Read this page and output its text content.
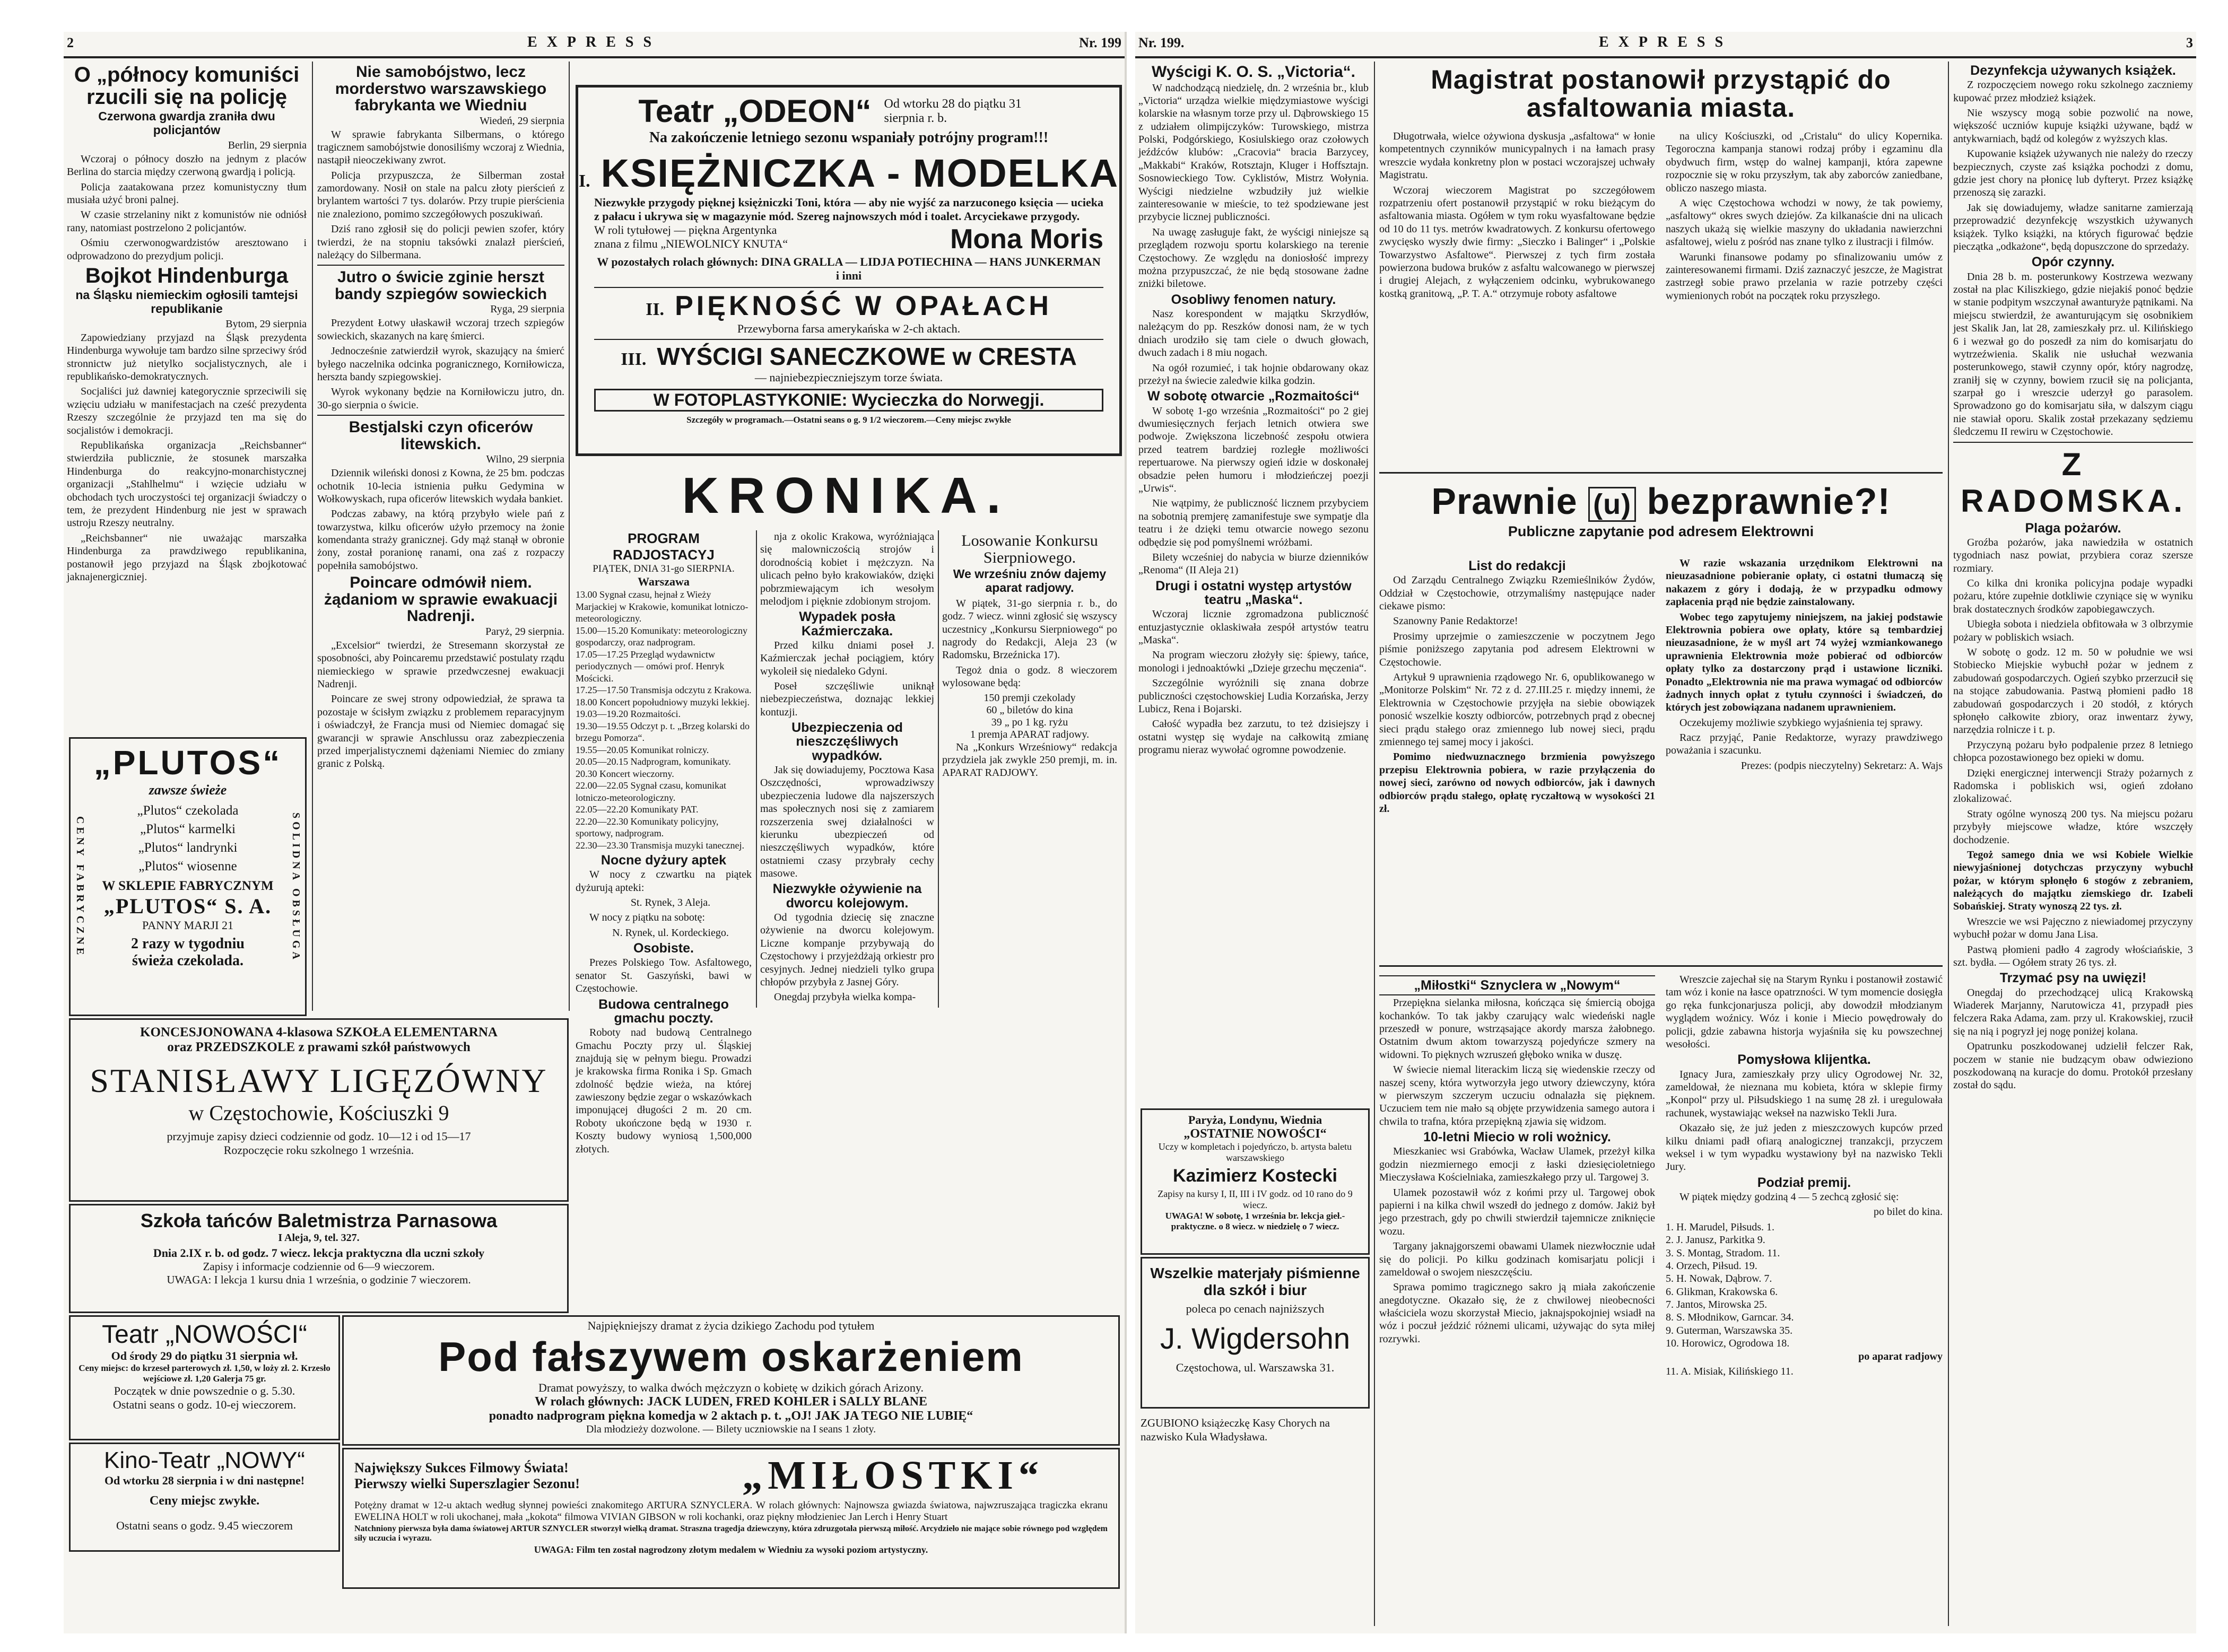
2	EXPRESS	Nr. 199
O „północy komuniści rzucili się na policję
Czerwona gwardja zraniła dwu policjantów
Berlin, 29 sierpnia

Wczoraj o północy doszło na jednym z placów Berlina do starcia między czerwoną gwardją i policją.

Policja zaatakowana przez komunistyczny tłum musiała użyć broni palnej.

W czasie strzelaniny nikt z komunistów nie odniósł rany, natomiast postrzelono 2 policjantów.

Ośmiu czerwonogwardzistów aresztowano i odprowadzono do prezydjum policji.

Bojkot Hindenburga
na Śląsku niemieckim ogłosili tamtejsi republikanie
Bytom, 29 sierpnia

Zapowiedziany przyjazd na Śląsk prezydenta Hindenburga wywołuje tam bardzo silne sprzeciwy śród stronnictw już nietylko socjalistycznych, ale i republikańsko-demokratycznych.

Socjaliści już dawniej kategorycznie sprzeciwili się wzięciu udziału w manifestacjach na cześć prezydenta Rzeszy szczególnie że przyjazd ten ma się do socjalistów i demokracji.

Republikańska organizacja „Reichsbanner“ stwierdziła publicznie, że stosunek marszałka Hindenburga do reakcyjno-monarchistycznej organizacji „Stahlhelmu“ i wzięcie udziału w obchodach tych uroczystości tej organizacji świadczy o tem, że prezydent Hindenburg nie jest w sprawach ustroju Rzeszy neutralny.

„Reichsbanner“ nie uważając marszałka Hindenburga za prawdziwego republikanina, postanowił jego przyjazd na Śląsk zbojkotować jaknajenergiczniej.

CENY FABRYCZNE	SOLIDNA OBSŁUGA
„PLUTOS“
zawsze świeże
„Plutos“ czekolada
„Plutos“ karmelki
„Plutos“ landrynki
„Plutos“ wiosenne
W SKLEPIE FABRYCZNYM
„PLUTOS“ S. A.
PANNY MARJI 21
2 razy w tygodniu
świeża czekolada.
Nie samobójstwo, lecz morderstwo warszawskiego fabrykanta we Wiedniu
Wiedeń, 29 sierpnia

W sprawie fabrykanta Silbermans, o którego tragicznem samobójstwie donosiliśmy wczoraj z Wiednia, nastąpił nieoczekiwany zwrot.

Policja przypuszcza, że Silberman został zamordowany. Nosił on stale na palcu złoty pierścień z brylantem wartości 7 tys. dolarów. Przy trupie pierścienia nie znaleziono, pomimo szczegółowych poszukiwań.

Dziś rano zgłosił się do policji pewien szofer, który twierdzi, że na stopniu taksówki znalazł pierścień, należący do Silbermana.

Jutro o świcie zginie herszt bandy szpiegów sowieckich
Ryga, 29 sierpnia

Prezydent Łotwy ułaskawił wczoraj trzech szpiegów sowieckich, skazanych na karę śmierci.

Jednocześnie zatwierdził wyrok, skazujący na śmierć byłego naczelnika odcinka pogranicznego, Korniłowicza, herszta bandy szpiegowskiej.

Wyrok wykonany będzie na Korniłowiczu jutro, dn. 30-go sierpnia o świcie.

Bestjalski czyn oficerów litewskich.
Wilno, 29 sierpnia

Dziennik wileński donosi z Kowna, że 25 bm. podczas ochotnik 10-lecia istnienia pułku Gedymina w Wołkowyskach, rupa oficerów litewskich wydała bankiet.

Podczas zabawy, na którą przybyło wiele pań z towarzystwa, kilku oficerów użyło przemocy na żonie komendanta straży granicznej. Gdy mąż stanął w obronie żony, został poranionę ranami, ona zaś z rozpaczy popełniła samobójstwo.

Poincare odmówił niem. żądaniom w sprawie ewakuacji Nadrenji.
Paryż, 29 sierpnia.

„Excelsior“ twierdzi, że Stresemann skorzystał ze sposobności, aby Poincaremu przedstawić postulaty rządu niemieckiego w sprawie przedwczesnej ewakuacji Nadrenji.

Poincare ze swej strony odpowiedział, że sprawa ta pozostaje w ścisłym związku z problemem reparacyjnym i oświadczył, że Francja musi od Niemiec domagać się gwarancji w sprawie Anschlussu oraz zabezpieczenia przed imperjalistycznemi dążeniami Niemiec do zmiany granic z Polską.

Teatr „ODEON“ Od wtorku 28 do piątku 31 sierpnia r. b.
Na zakończenie letniego sezonu wspaniały potrójny program!!!
I. KSIĘŻNICZKA - MODELKA
Niezwykłe przygody pięknej księżniczki Toni, która — aby nie wyjść za narzuconego księcia — ucieka z pałacu i ukrywa się w magazynie mód. Szereg najnowszych mód i toalet. Arcyciekawe przygody.
W roli tytułowej — piękna Argentynka
znana z filmu „NIEWOLNICY KNUTA“	Mona Moris
W pozostałych rolach głównych: DINA GRALLA — LIDJA POTIECHINA — HANS JUNKERMAN i inni
II. PIĘKNOŚĆ W OPAŁACH
Przewyborna farsa amerykańska w 2-ch aktach.
III. WYŚCIGI SANECZKOWE w CRESTA
— najniebezpieczniejszym torze świata.
W FOTOPLASTYKONIE: Wycieczka do Norwegji.
Szczegóły w programach.—Ostatni seans o g. 9 1/2 wieczorem.—Ceny miejsc zwykłe
KRONIKA.
PROGRAM RADJOSTACYJ
PIĄTEK, DNIA 31-go SIERPNIA.
Warszawa

13.00 Sygnał czasu, hejnał z Wieży Marjackiej w Krakowie, komunikat lotniczo-meteorologiczny.

15.00—15.20 Komunikaty: meteorologiczny gospodarczy, oraz nadprogram.

17.05—17.25 Przegląd wydawnictw periodycznych — omówi prof. Henryk Mościcki.

17.25—17.50 Transmisja odczytu z Krakowa.

18.00 Koncert popołudniowy muzyki lekkiej.

19.03—19.20 Rozmaitości.

19.30—19.55 Odczyt p. t. „Brzeg kolarski do brzegu Pomorza“.

19.55—20.05 Komunikat rolniczy.

20.05—20.15 Nadprogram, komunikaty.

20.30 Koncert wieczorny.

22.00—22.05 Sygnał czasu, komunikat lotniczo-meteorologiczny.

22.05—22.20 Komunikaty PAT.

22.20—22.30 Komunikaty policyjny, sportowy, nadprogram.

22.30—23.30 Transmisja muzyki tanecznej.

Nocne dyżury aptek

W nocy z czwartku na piątek dyżurują apteki:

St. Rynek, 3 Aleja.

W nocy z piątku na sobotę:

N. Rynek, ul. Kordeckiego.

Osobiste.

Prezes Polskiego Tow. Asfaltowego, senator St. Gaszyński, bawi w Częstochowie.

Budowa centralnego gmachu poczty.

Roboty nad budową Centralnego Gmachu Poczty przy ul. Śląskiej znajdują się w pełnym biegu. Prowadzi je krakowska firma Ronika i Sp. Gmach zdolność będzie wieża, na której zawieszony będzie zegar o wskazówkach imponującej długości 2 m. 20 cm. Roboty ukończone będą w 1930 r. Koszty budowy wyniosą 1,500,000 złotych.

nja z okolic Krakowa, wyróżniająca się malowniczością strojów i dorodnością kobiet i mężczyzn. Na ulicach pełno było krakowiaków, dzięki pobrzmiewającym ich wesołym melodjom i pięknie zdobionym strojom.

Wypadek posła Kaźmierczaka.

Przed kilku dniami poseł J. Kaźmierczak jechał pociągiem, który wykoleił się niedaleko Gdyni.

Poseł szczęśliwie uniknął niebezpieczeństwa, doznając lekkiej kontuzji.

Ubezpieczenia od nieszczęśliwych wypadków.

Jak się dowiadujemy, Pocztowa Kasa Oszczędności, wprowadziwszy ubezpieczenia ludowe dla najszerszych mas społecznych nosi się z zamiarem rozszerzenia swej działalności w kierunku ubezpieczeń od nieszczęśliwych wypadków, które ostatniemi czasy przybrały cechy masowe.

Niezwykłe ożywienie na dworcu kolejowym.

Od tygodnia dziecię się znaczne ożywienie na dworcu kolejowym. Liczne kompanje przybywają do Częstochowy i przyjeżdżają orkiestr pro cesyjnych. Jednej niedzieli tylko grupa chłopów przybyła z Jasnej Góry.

Onegdaj przybyła wielka kompa-

Losowanie Konkursu Sierpniowego.
We wrześniu znów dajemy aparat radjowy.

W piątek, 31-go sierpnia r. b., do godz. 7 wiecz. winni zgłosić się wszyscy uczestnicy „Konkursu Sierpniowego“ po nagrody do Redakcji, Aleja 23 (w Radomsku, Brzeźnicka 17).

Tegoż dnia o godz. 8 wieczorem wylosowane będą:

150 premji czekolady
60 „ biletów do kina
39 „ po 1 kg. ryżu
1 premja APARAT radjowy.

Na „Konkurs Wrześniowy“ redakcja przydziela jak zwykle 250 premji, m. in. APARAT RADJOWY.

KONCESJONOWANA 4-klasowa SZKOŁA ELEMENTARNA
oraz PRZEDSZKOLE z prawami szkół państwowych
STANISŁAWY LIGĘZÓWNY
w Częstochowie, Kościuszki 9
przyjmuje zapisy dzieci codziennie od godz. 10—12 i od 15—17
Rozpoczęcie roku szkolnego 1 września.
Szkoła tańców Baletmistrza Parnasowa
I Aleja, 9, tel. 327.
Dnia 2.IX r. b. od godz. 7 wiecz. lekcja praktyczna dla uczni szkoły
Zapisy i informacje codziennie od 6—9 wieczorem.
UWAGA: I lekcja 1 kursu dnia 1 września, o godzinie 7 wieczorem.
Teatr „NOWOŚCI“
Od środy 29 do piątku 31 sierpnia wł.
Ceny miejsc: do krzeseł parterowych zł. 1,50, w loży zł. 2. Krzesło wejściowe zł. 1,20 Galerja 75 gr.
Początek w dnie powszednie o g. 5.30.
Ostatni seans o godz. 10-ej wieczorem.
Kino-Teatr „NOWY“
Od wtorku 28 sierpnia i w dni następne!
Ceny miejsc zwykłe.
Ostatni seans o godz. 9.45 wieczorem
Najpiękniejszy dramat z życia dzikiego Zachodu pod tytułem
Pod fałszywem oskarżeniem
Dramat powyższy, to walka dwóch mężczyzn o kobietę w dzikich górach Arizony.
W rolach głównych: JACK LUDEN, FRED KOHLER i SALLY BLANE
ponadto nadprogram piękna komedja w 2 aktach p. t. „OJ! JAK JA TEGO NIE LUBIĘ“
Dla młodzieży dozwolone. — Bilety uczniowskie na I seans 1 złoty.
Największy Sukces Filmowy Świata!
Pierwszy wielki Superszlagier Sezonu!	„MIŁOSTKI“
Potężny dramat w 12-u aktach według słynnej powieści znakomitego ARTURA SZNYCLERA. W rolach głównych: Najnowsza gwiazda światowa, najwzruszająca tragiczka ekranu EWELINA HOLT w roli ukochanej, mała „kokota“ filmowa VIVIAN GIBSON w roli kochanki, oraz piękny młodzieniec Jan Lerch i Henry Stuart
Natchniony pierwsza była dama światowej ARTUR SZNYCLER stworzył wielką dramat. Straszna tragedja dziewczyny, która zdruzgotała pierwszą miłość. Arcydzieło nie mające sobie równego pod względem siły uczucia i wyrazu.
UWAGA: Film ten został nagrodzony złotym medalem w Wiedniu za wysoki poziom artystyczny.
Nr. 199.	EXPRESS	3
Wyścigi K. O. S. „Victoria“.

W nadchodzącą niedzielę, dn. 2 września br., klub „Victoria“ urządza wielkie międzymiastowe wyścigi kolarskie na własnym torze przy ul. Dąbrowskiego 15 z udziałem olimpijczyków: Turowskiego, mistrza Polski, Podgórskiego, Kosiulskiego oraz czołowych jeźdźców klubów: „Cracovia“ bracia Barzycey, „Makkabi“ Kraków, Rotsztajn, Kluger i Hoffsztajn. Sosnowieckiego Tow. Cyklistów, Mistrz Wołynia. Wyścigi niedzielne wzbudziły już wielkie zainteresowanie w mieście, to też spodziewane jest przybycie licznej publiczności.

Na uwagę zasługuje fakt, że wyścigi niniejsze są przeglądem rozwoju sportu kolarskiego na terenie Częstochowy. Ze względu na doniosłość imprezy można przypuszczać, że nie będą stosowane żadne zniżki biletowe.

Osobliwy fenomen natury.

Nasz korespondent w majątku Skrzydłów, należącym do pp. Reszków donosi nam, że w tych dniach urodziło się tam ciele o dwuch głowach, dwuch zadach i 8 miu nogach.

Na ogół rozumieć, i tak hojnie obdarowany okaz przeżył na świecie zaledwie kilka godzin.

W sobotę otwarcie „Rozmaitości“

W sobotę 1-go września „Rozmaitości“ po 2 giej dwumiesięcznych ferjach letnich otwiera swe podwoje. Zwiększona liczebność zespołu otwiera przed teatrem bardziej rozległe możliwości repertuarowe. Na pierwszy ogień idzie w doskonałej obsadzie pełen humoru i młodzieńczej poezji „Urwis“.

Nie wątpimy, że publiczność licznem przybyciem na sobotnią premjerę zamanifestuje swe sympatje dla teatru i że dzięki temu otwarcie nowego sezonu odbędzie się pod pomyślnemi wróżbami.

Bilety wcześniej do nabycia w biurze dzienników „Renoma“ (II Aleja 21)

Drugi i ostatni występ artystów teatru „Maska“.

Wczoraj licznie zgromadzona publiczność entuzjastycznie oklaskiwała zespół artystów teatru „Maska“.

Na program wieczoru złożyły się: śpiewy, tańce, monologi i jednoaktówki „Dzieje grzechu męczenia“.

Szczególnie wyróżnili się znana dobrze publiczności częstochowskiej Ludia Korzańska, Jerzy Lubicz, Rena i Bojarski.

Całość wypadła bez zarzutu, to też dzisiejszy i ostatni występ się wydaje na całkowitą zmianę programu nieraz wywołać ogromne powodzenie.

Paryża, Londynu, Wiednia
„OSTATNIE NOWOŚCI“
Uczy w kompletach i pojedyńczo, b. artysta baletu warszawskiego
Kazimierz Kostecki
Zapisy na kursy I, II, III i IV godz. od 10 rano do 9 wiecz.
UWAGA! W sobotę, 1 września br. lekcja gieł.- praktyczne. o 8 wiecz. w niedzielę o 7 wiecz.
Wszelkie materjały piśmienne dla szkół i biur
poleca po cenach najniższych
J. Wigdersohn
Częstochowa, ul. Warszawska 31.
ZGUBIONO książeczkę Kasy Chorych na nazwisko Kula Władysława.
Magistrat postanowił przystąpić do asfaltowania miasta.

Długotrwała, wielce ożywiona dyskusja „asfaltowa“ w łonie kompetentnych czynników municypalnych i na łamach prasy wreszcie wydała konkretny plon w postaci wczorajszej uchwały Magistratu.

Wczoraj wieczorem Magistrat po szczegółowem rozpatrzeniu ofert postanowił przystąpić w roku bieżącym do asfaltowania miasta. Ogółem w tym roku wyasfaltowane będzie od 10 do 11 tys. metrów kwadratowych. Z konkursu ofertowego zwycięsko wyszły dwie firmy: „Sieczko i Balinger“ i „Polskie Towarzystwo Asfaltowe“. Pierwszej z tych firm została powierzona budowa bruków z asfaltu walcowanego w pierwszej i drugiej Alejach, z wyłączeniem odcinku, wybrukowanego kostką granitową, „P. T. A.“ otrzymuje roboty asfaltowe

na ulicy Kościuszki, od „Cristalu“ do ulicy Kopernika. Tegoroczna kampanja stanowi rodzaj próby i egzaminu dla obydwuch firm, wstęp do walnej kampanji, która zapewne rozpocznie się w roku przyszłym, tak aby zaborców zaniedbane, obliczo naszego miasta.

A więc Częstochowa wchodzi w nowy, że tak powiemy, „asfaltowy“ okres swych dziejów. Za kilkanaście dni na ulicach naszych ukażą się wielkie maszyny do układania nawierzchni asfaltowej, wielu z pośród nas znane tylko z ilustracji i filmów.

Warunki finansowe podamy po sfinalizowaniu umów z zainteresowanemi firmami. Dziś zaznaczyć jeszcze, że Magistrat zastrzegł sobie prawo przelania w razie potrzeby części wymienionych robót na początek roku przyszłego.

Prawnie (u) bezprawnie?!
Publiczne zapytanie pod adresem Elektrowni
List do redakcji

Od Zarządu Centralnego Związku Rzemieślników Żydów, Oddział w Częstochowie, otrzymaliśmy następujące nader ciekawe pismo:

Szanowny Panie Redaktorze!

Prosimy uprzejmie o zamieszczenie w poczytnem Jego piśmie poniższego zapytania pod adresem Elektrowni w Częstochowie.

Artykuł 9 uprawnienia rządowego Nr. 6, opublikowanego w „Monitorze Polskim“ Nr. 72 z d. 27.III.25 r. między innemi, że Elektrownia w Częstochowie przyjęła na siebie obowiązek ponosić wszelkie koszty odbiorców, potrzebnych prąd z obecnej sieci prądu stałego oraz zmiennego lub nowej sieci, prądu zmiennego tej samej mocy i jakości.

Pomimo niedwuznacznego brzmienia powyższego przepisu Elektrownia pobiera, w razie przyłączenia do nowej sieci, zarówno od nowych odbiorców, jak i dawnych odbiorców prądu stałego, opłatę ryczałtową w wysokości 21 zł.

W razie wskazania urzędnikom Elektrowni na nieuzasadnione pobieranie opłaty, ci ostatni tłumaczą się nakazem z góry i dodają, że w przypadku odmowy zapłacenia prąd nie będzie zainstalowany.

Wobec tego zapytujemy niniejszem, na jakiej podstawie Elektrownia pobiera owe opłaty, które są tembardziej nieuzasadnione, że w myśl art 74 wyżej wzmiankowanego uprawnienia Elektrownia może pobierać od odbiorców opłaty tylko za dostarczony prąd i ustawione liczniki. Ponadto „Elektrownia nie ma prawa wymagać od odbiorców żadnych innych opłat z tytułu czynności i świadczeń, do których jest zobowiązana nadanem uprawnieniem.

Oczekujemy możliwie szybkiego wyjaśnienia tej sprawy.

Racz przyjąć, Panie Redaktorze, wyrazy prawdziwego poważania i szacunku.

Prezes: (podpis nieczytelny) Sekretarz: A. Wajs

„Miłostki“ Sznyclera w „Nowym“

Przepiękna sielanka miłosna, kończąca się śmiercią obojga kochanków. To tak jakby czarujący walc wiedeński nagle przeszedł w ponure, wstrząsające akordy marsza żałobnego. Ostatnim dwum aktom towarzyszą pojedyńcze szmery na widowni. To pięknych wzruszeń głęboko wnika w duszę.

W świecie niemal literackim liczą się wiedenskie rzeczy od naszej sceny, która wytworzyła jego utwory dziewczyny, która w pierwszym szczerym uczuciu odnalazła się pięknem. Uczuciem tem nie mało są objęte przywidzenia samego autora i chwila to trafna, która przepiękną zjawia się widzom.

10-letni Miecio w roli wożnicy.

Mieszkaniec wsi Grabówka, Wacław Ulamek, przeżył kilka godzin niezmiernego emocji z łaski dziesięcioletniego Mieczysława Kościelniaka, zamieszkałego przy ul. Targowej 3.

Ulamek pozostawił wóz z końmi przy ul. Targowej obok papierni i na kilka chwil wszedł do jednego z domów. Jakiż był jego przestrach, gdy po chwili stwierdził tajemnicze zniknięcie wozu.

Targany jaknajgorszemi obawami Ulamek niezwłocznie udał się do policji. Po kilku godzinach komisarjatu policji i zameldował o swojem nieszczęściu.

Sprawa pomimo tragicznego sakro ją miała zakończenie anegdotyczne. Okazało się, że z chwilowej nieobecności właściciela wozu skorzystał Miecio, jaknajspokojniej wsiadł na wóz i poczuł jeździć różnemi ulicami, używając do syta miłej rozrywki.

Wreszcie zajechał się na Starym Rynku i postanowił zostawić tam wóz i konie na łasce opatrzności. W tym momencie dosięgła go ręka funkcjonarjusza policji, aby dowodził młodzianym wyglądem woźnicy. Wóz i konie i Miecio powędrowały do policji, gdzie zabawna historja wyjaśniła się ku powszechnej wesołości.

Pomysłowa klijentka.

Ignacy Jura, zamieszkały przy ulicy Ogrodowej Nr. 32, zameldował, że nieznana mu kobieta, która w sklepie firmy „Konpol“ przy ul. Piłsudskiego 1 na sumę 28 zł. i uregulowała rachunek, wystawiając wekseł na nazwisko Tekli Jura.

Okazało się, że już jeden z mieszczowych kupców przed kilku dniami padł ofiarą analogicznej tranzakcji, przyczem weksel i w tym wypadku wystawiony był na nazwisko Tekli Jury.

Podział premij.

W piątek między godziną 4 — 5 zechcą zgłosić się:

po bilet do kina.

1. H. Marudel, Piłsuds. 1.
2. J. Janusz, Parkitka 9.
3. S. Montag, Stradom. 11.
4. Orzech, Piłsud. 19.
5. H. Nowak, Dąbrow. 7.
6. Glikman, Krakowska 6.
7. Jantos, Mirowska 25.
8. S. Młodnikow, Garncar. 34.
9. Guterman, Warszawska 35.
10. Horowicz, Ogrodowa 18.

po aparat radjowy

11. A. Misiak, Kilińskiego 11.
Dezynfekcja używanych książek.

Z rozpoczęciem nowego roku szkolnego zaczniemy kupować przez młodzież książek.

Nie wszyscy mogą sobie pozwolić na nowe, większość uczniów kupuje książki używane, bądź w antykwarniach, bądź od kolegów z wyższych klas.

Kupowanie książek używanych nie należy do rzeczy bezpiecznych, czyste zaś książka pochodzi z domu, gdzie jest chory na płonicę lub dyfteryt. Przez książkę przenoszą się zarazki.

Jak się dowiadujemy, władze sanitarne zamierzają przeprowadzić dezynfekcję wszystkich używanych książek. Tylko książki, na których figurować będzie pieczątka „odkażone“, będą dopuszczone do sprzedaży.

Opór czynny.

Dnia 28 b. m. posterunkowy Kostrzewa wezwany został na plac Kiliszkiego, gdzie niejakiś ponoć będzie w stanie podpitym wszczynał awanturyże pątnikami. Na miejscu stwierdził, że awanturującym się osobnikiem jest Skalik Jan, lat 28, zamieszkały prz. ul. Kilińskiego 6 i wezwał go do poszedł za nim do komisarjatu do wytrzeźwienia. Skalik nie usłuchał wezwania posterunkowego, stawił czynny opór, który nagrodzę, zraniłj się w czynny, bowiem rzucił się na policjanta, szarpał go i wreszcie uderzył go parasolem. Sprowadzono go do komisarjatu siła, w dalszym ciągu nie stawiał oporu. Skalik został przekazany sędziemu śledczemu II rewiru w Częstochowie.

Z RADOMSKA.
Plaga pożarów.

Groźba pożarów, jaka nawiedziła w ostatnich tygodniach nasz powiat, przybiera coraz szersze rozmiary.

Co kilka dni kronika policyjna podaje wypadki pożaru, które zupełnie dotkliwie czyniące się w wyniku brak dostatecznych środków zapobiegawczych.

Ubiegła sobota i niedziela obfitowała w 3 olbrzymie pożary w pobliskich wsiach.

W sobotę o godz. 12 m. 50 w południe we wsi Stobiecko Miejskie wybuchł pożar w jednem z zabudowań gospodarczych. Ogień szybko przerzucił się na stojące zabudowania. Pastwą płomieni padło 18 zabudowań gospodarczych i 20 stodół, z których spłonęło całkowite zbiory, oraz inwentarz żywy, narzędzia rolnicze i t. p.

Przyczyną pożaru było podpalenie przez 8 letniego chłopca pozostawionego bez opieki w domu.

Dzięki energicznej interwencji Straży pożarnych z Radomska i pobliskich wsi, ogień zdołano zlokalizować.

Straty ogólne wynoszą 200 tys. Na miejscu pożaru przybyły miejscowe władze, które wszczęły dochodzenie.

Tegoż samego dnia we wsi Kobiele Wielkie niewyjaśnionej dotychczas przyczyny wybuchł pożar, w którym spłonęło 6 stogów z zebraniem, należących do majątku ziemskiego dr. Izabeli Sobańskiej. Straty wynoszą 22 tys. zł.

Wreszcie we wsi Pajęczno z niewiadomej przyczyny wybuchł pożar w domu Jana Lisa.

Pastwą płomieni padło 4 zagrody włościańskie, 3 szt. bydła. — Ogółem straty 26 tys. zł.

Trzymać psy na uwięzi!

Onegdaj do przechodzącej ulicą Krakowską Wiaderek Marjanny, Narutowicza 41, przypadł pies felczera Raka Adama, zam. przy ul. Krakowskiej, rzucił się na nią i pogryzł jej nogę poniżej kolana.

Opatrunku poszkodowanej udzielił felczer Rak, poczem w stanie nie budzącym obaw odwieziono poszkodowaną na kuracje do domu. Protokół przesłany został do sądu.
